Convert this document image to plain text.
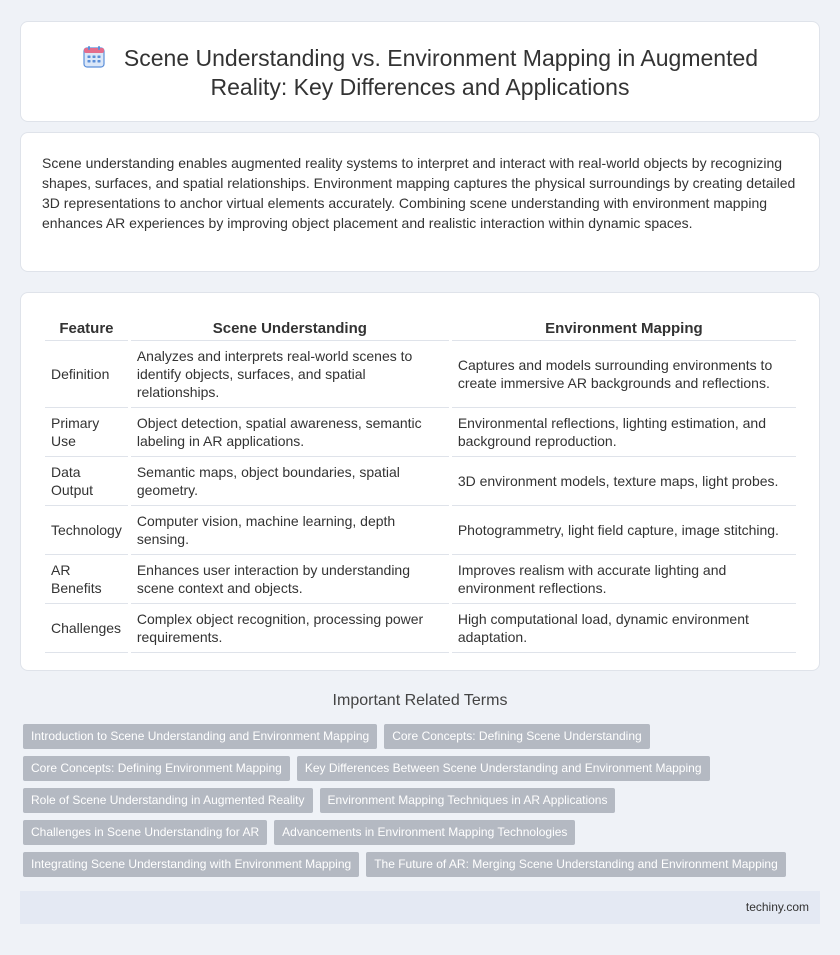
Scene Understanding vs. Environment Mapping in Augmented Reality: Key Differences and Applications

Scene understanding enables augmented reality systems to interpret and interact with real-world objects by recognizing shapes, surfaces, and spatial relationships. Environment mapping captures the physical surroundings by creating detailed 3D representations to anchor virtual elements accurately. Combining scene understanding with environment mapping enhances AR experiences by improving object placement and realistic interaction within dynamic spaces.

Feature	Scene Understanding	Environment Mapping
Definition	Analyzes and interprets real-world scenes to identify objects, surfaces, and spatial relationships.	Captures and models surrounding environments to create immersive AR backgrounds and reflections.
Primary Use	Object detection, spatial awareness, semantic labeling in AR applications.	Environmental reflections, lighting estimation, and background reproduction.
Data Output	Semantic maps, object boundaries, spatial geometry.	3D environment models, texture maps, light probes.
Technology	Computer vision, machine learning, depth sensing.	Photogrammetry, light field capture, image stitching.
AR Benefits	Enhances user interaction by understanding scene context and objects.	Improves realism with accurate lighting and environment reflections.
Challenges	Complex object recognition, processing power requirements.	High computational load, dynamic environment adaptation.
Important Related Terms
Introduction to Scene Understanding and Environment Mapping	Core Concepts: Defining Scene Understanding
Core Concepts: Defining Environment Mapping	Key Differences Between Scene Understanding and Environment Mapping
Role of Scene Understanding in Augmented Reality	Environment Mapping Techniques in AR Applications
Challenges in Scene Understanding for AR	Advancements in Environment Mapping Technologies
Integrating Scene Understanding with Environment Mapping	The Future of AR: Merging Scene Understanding and Environment Mapping
techiny.com
